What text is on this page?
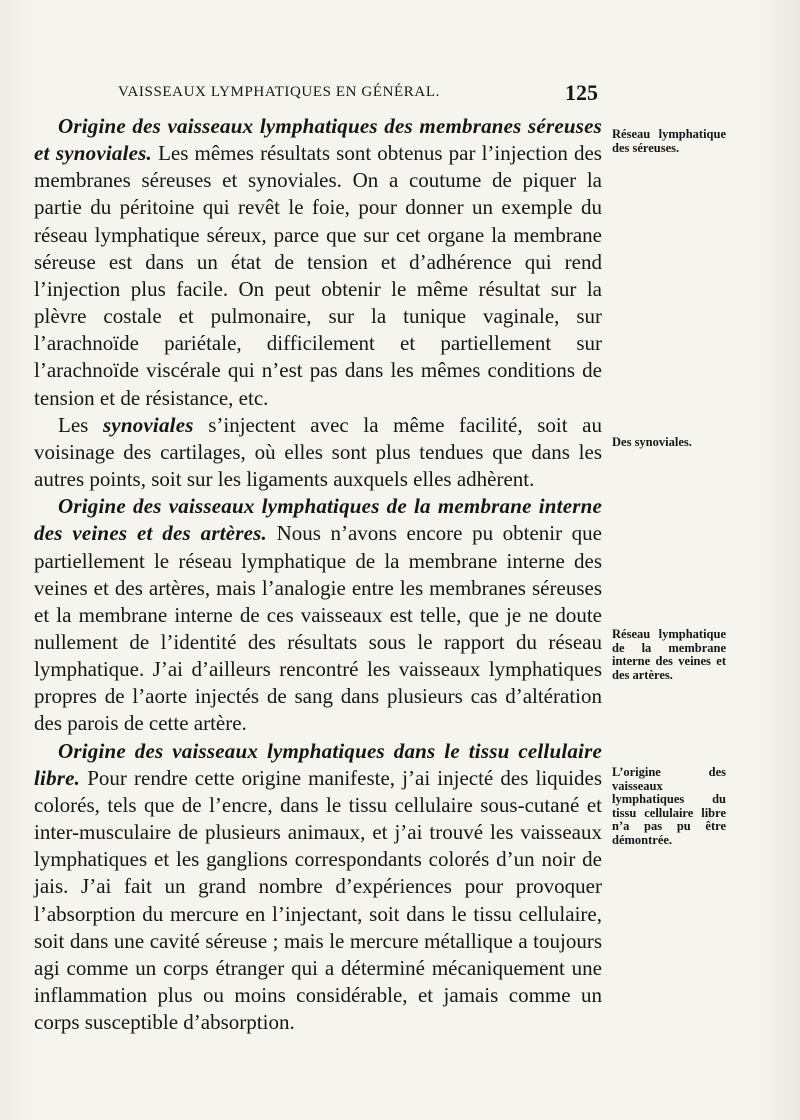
VAISSEAUX LYMPHATIQUES EN GÉNÉRAL.	125

Origine des vaisseaux lymphatiques des membranes séreuses et synoviales. Les mêmes résultats sont obtenus par l’injection des membranes séreuses et synoviales. On a coutume de piquer la partie du péritoine qui revêt le foie, pour donner un exemple du réseau lymphatique séreux, parce que sur cet organe la membrane séreuse est dans un état de tension et d’adhérence qui rend l’injection plus facile. On peut obtenir le même résultat sur la plèvre costale et pulmonaire, sur la tunique vaginale, sur l’arachnoïde pariétale, difficilement et partiellement sur l’arachnoïde viscérale qui n’est pas dans les mêmes conditions de tension et de résistance, etc.

Les synoviales s’injectent avec la même facilité, soit au voisinage des cartilages, où elles sont plus tendues que dans les autres points, soit sur les ligaments auxquels elles adhèrent.

Origine des vaisseaux lymphatiques de la membrane interne des veines et des artères. Nous n’avons encore pu obtenir que partiellement le réseau lymphatique de la membrane interne des veines et des artères, mais l’analogie entre les membranes séreuses et la membrane interne de ces vaisseaux est telle, que je ne doute nullement de l’identité des résultats sous le rapport du réseau lymphatique. J’ai d’ailleurs rencontré les vaisseaux lymphatiques propres de l’aorte injectés de sang dans plusieurs cas d’altération des parois de cette artère.

Origine des vaisseaux lymphatiques dans le tissu cellulaire libre. Pour rendre cette origine manifeste, j’ai injecté des liquides colorés, tels que de l’encre, dans le tissu cellulaire sous-cutané et inter-musculaire de plusieurs animaux, et j’ai trouvé les vaisseaux lymphatiques et les ganglions correspondants colorés d’un noir de jais. J’ai fait un grand nombre d’expériences pour provoquer l’absorption du mercure en l’injectant, soit dans le tissu cellulaire, soit dans une cavité séreuse ; mais le mercure métallique a toujours agi comme un corps étranger qui a déterminé mécaniquement une inflammation plus ou moins considérable, et jamais comme un corps susceptible d’absorption.

Réseau lymphatique des séreuses.
Des synoviales.
Réseau lymphatique de la membrane interne des veines et des artères.
L’origine des vaisseaux lymphatiques du tissu cellulaire libre n’a pas pu être démontrée.
